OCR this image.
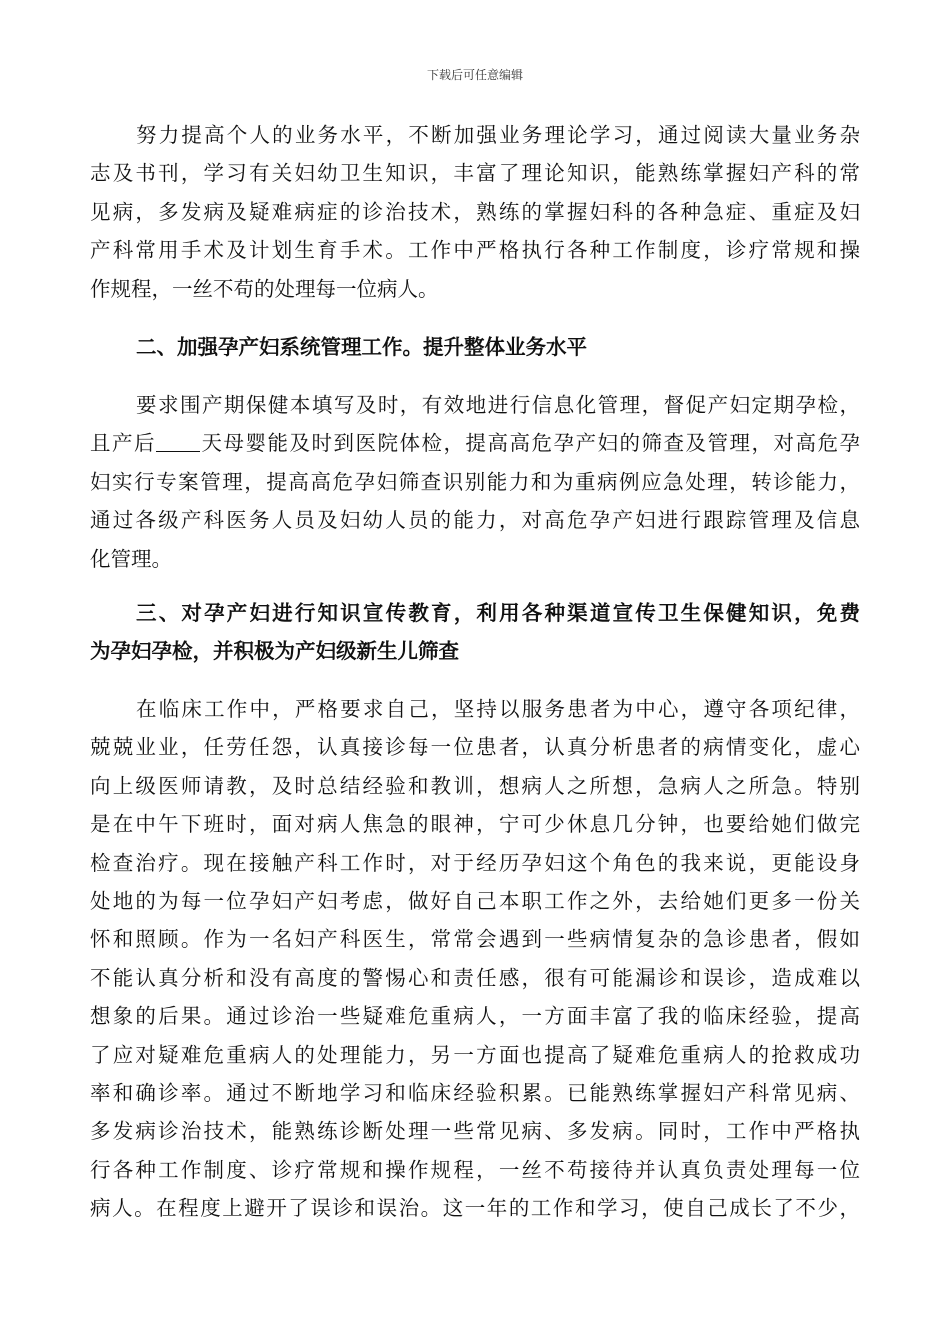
下载后可任意编辑
努力提高个人的业务水平，不断加强业务理论学习，通过阅读大量业务杂
志及书刊，学习有关妇幼卫生知识，丰富了理论知识，能熟练掌握妇产科的常
见病，多发病及疑难病症的诊治技术，熟练的掌握妇科的各种急症、重症及妇
产科常用手术及计划生育手术。工作中严格执行各种工作制度，诊疗常规和操
作规程，一丝不苟的处理每一位病人。
二、加强孕产妇系统管理工作。提升整体业务水平
要求围产期保健本填写及时，有效地进行信息化管理，督促产妇定期孕检，
且产后 天母婴能及时到医院体检，提高高危孕产妇的筛查及管理，对高危孕
妇实行专案管理，提高高危孕妇筛查识别能力和为重病例应急处理，转诊能力，
通过各级产科医务人员及妇幼人员的能力，对高危孕产妇进行跟踪管理及信息
化管理。
三、对孕产妇进行知识宣传教育，利用各种渠道宣传卫生保健知识，免费
为孕妇孕检，并积极为产妇级新生儿筛查
在临床工作中，严格要求自己，坚持以服务患者为中心，遵守各项纪律，
兢兢业业，任劳任怨，认真接诊每一位患者，认真分析患者的病情变化，虚心
向上级医师请教，及时总结经验和教训，想病人之所想，急病人之所急。特别
是在中午下班时，面对病人焦急的眼神，宁可少休息几分钟，也要给她们做完
检查治疗。现在接触产科工作时，对于经历孕妇这个角色的我来说，更能设身
处地的为每一位孕妇产妇考虑，做好自己本职工作之外，去给她们更多一份关
怀和照顾。作为一名妇产科医生，常常会遇到一些病情复杂的急诊患者，假如
不能认真分析和没有高度的警惕心和责任感，很有可能漏诊和误诊，造成难以
想象的后果。通过诊治一些疑难危重病人，一方面丰富了我的临床经验，提高
了应对疑难危重病人的处理能力，另一方面也提高了疑难危重病人的抢救成功
率和确诊率。通过不断地学习和临床经验积累。已能熟练掌握妇产科常见病、
多发病诊治技术，能熟练诊断处理一些常见病、多发病。同时，工作中严格执
行各种工作制度、诊疗常规和操作规程，一丝不苟接待并认真负责处理每一位
病人。在程度上避开了误诊和误治。这一年的工作和学习，使自己成长了不少，
